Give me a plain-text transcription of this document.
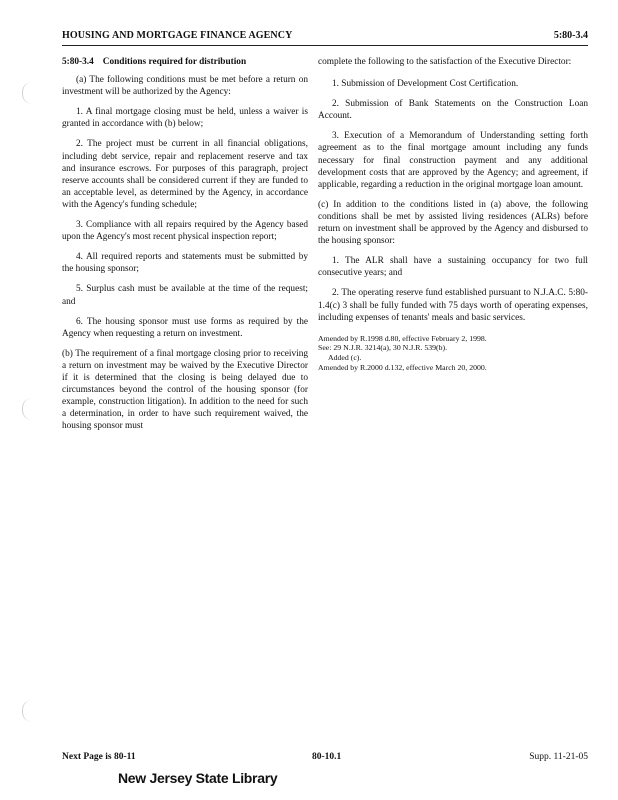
HOUSING AND MORTGAGE FINANCE AGENCY	5:80-3.4
5:80-3.4 Conditions required for distribution

(a) The following conditions must be met before a return on investment will be authorized by the Agency:

1. A final mortgage closing must be held, unless a waiver is granted in accordance with (b) below;

2. The project must be current in all financial obligations, including debt service, repair and replacement reserve and tax and insurance escrows. For purposes of this paragraph, project reserve accounts shall be considered current if they are funded to an acceptable level, as determined by the Agency, in accordance with the Agency's funding schedule;

3. Compliance with all repairs required by the Agency based upon the Agency's most recent physical inspection report;

4. All required reports and statements must be submitted by the housing sponsor;

5. Surplus cash must be available at the time of the request; and

6. The housing sponsor must use forms as required by the Agency when requesting a return on investment.

(b) The requirement of a final mortgage closing prior to receiving a return on investment may be waived by the Executive Director if it is determined that the closing is being delayed due to circumstances beyond the control of the housing sponsor (for example, construction litigation). In addition to the need for such a determination, in order to have such requirement waived, the housing sponsor must

complete the following to the satisfaction of the Executive Director:

1. Submission of Development Cost Certification.

2. Submission of Bank Statements on the Construction Loan Account.

3. Execution of a Memorandum of Understanding setting forth agreement as to the final mortgage amount including any funds necessary for final construction payment and any additional development costs that are approved by the Agency; and agreement, if applicable, regarding a reduction in the original mortgage loan amount.

(c) In addition to the conditions listed in (a) above, the following conditions shall be met by assisted living residences (ALRs) before return on investment shall be approved by the Agency and disbursed to the housing sponsor:

1. The ALR shall have a sustaining occupancy for two full consecutive years; and

2. The operating reserve fund established pursuant to N.J.A.C. 5:80-1.4(c) 3 shall be fully funded with 75 days worth of operating expenses, including expenses of tenants' meals and basic services.

Amended by R.1998 d.80, effective February 2, 1998.
See: 29 N.J.R. 3214(a), 30 N.J.R. 539(b).
Added (c).
Amended by R.2000 d.132, effective March 20, 2000.
Next Page is 80-11	80-10.1	Supp. 11-21-05
New Jersey State Library
